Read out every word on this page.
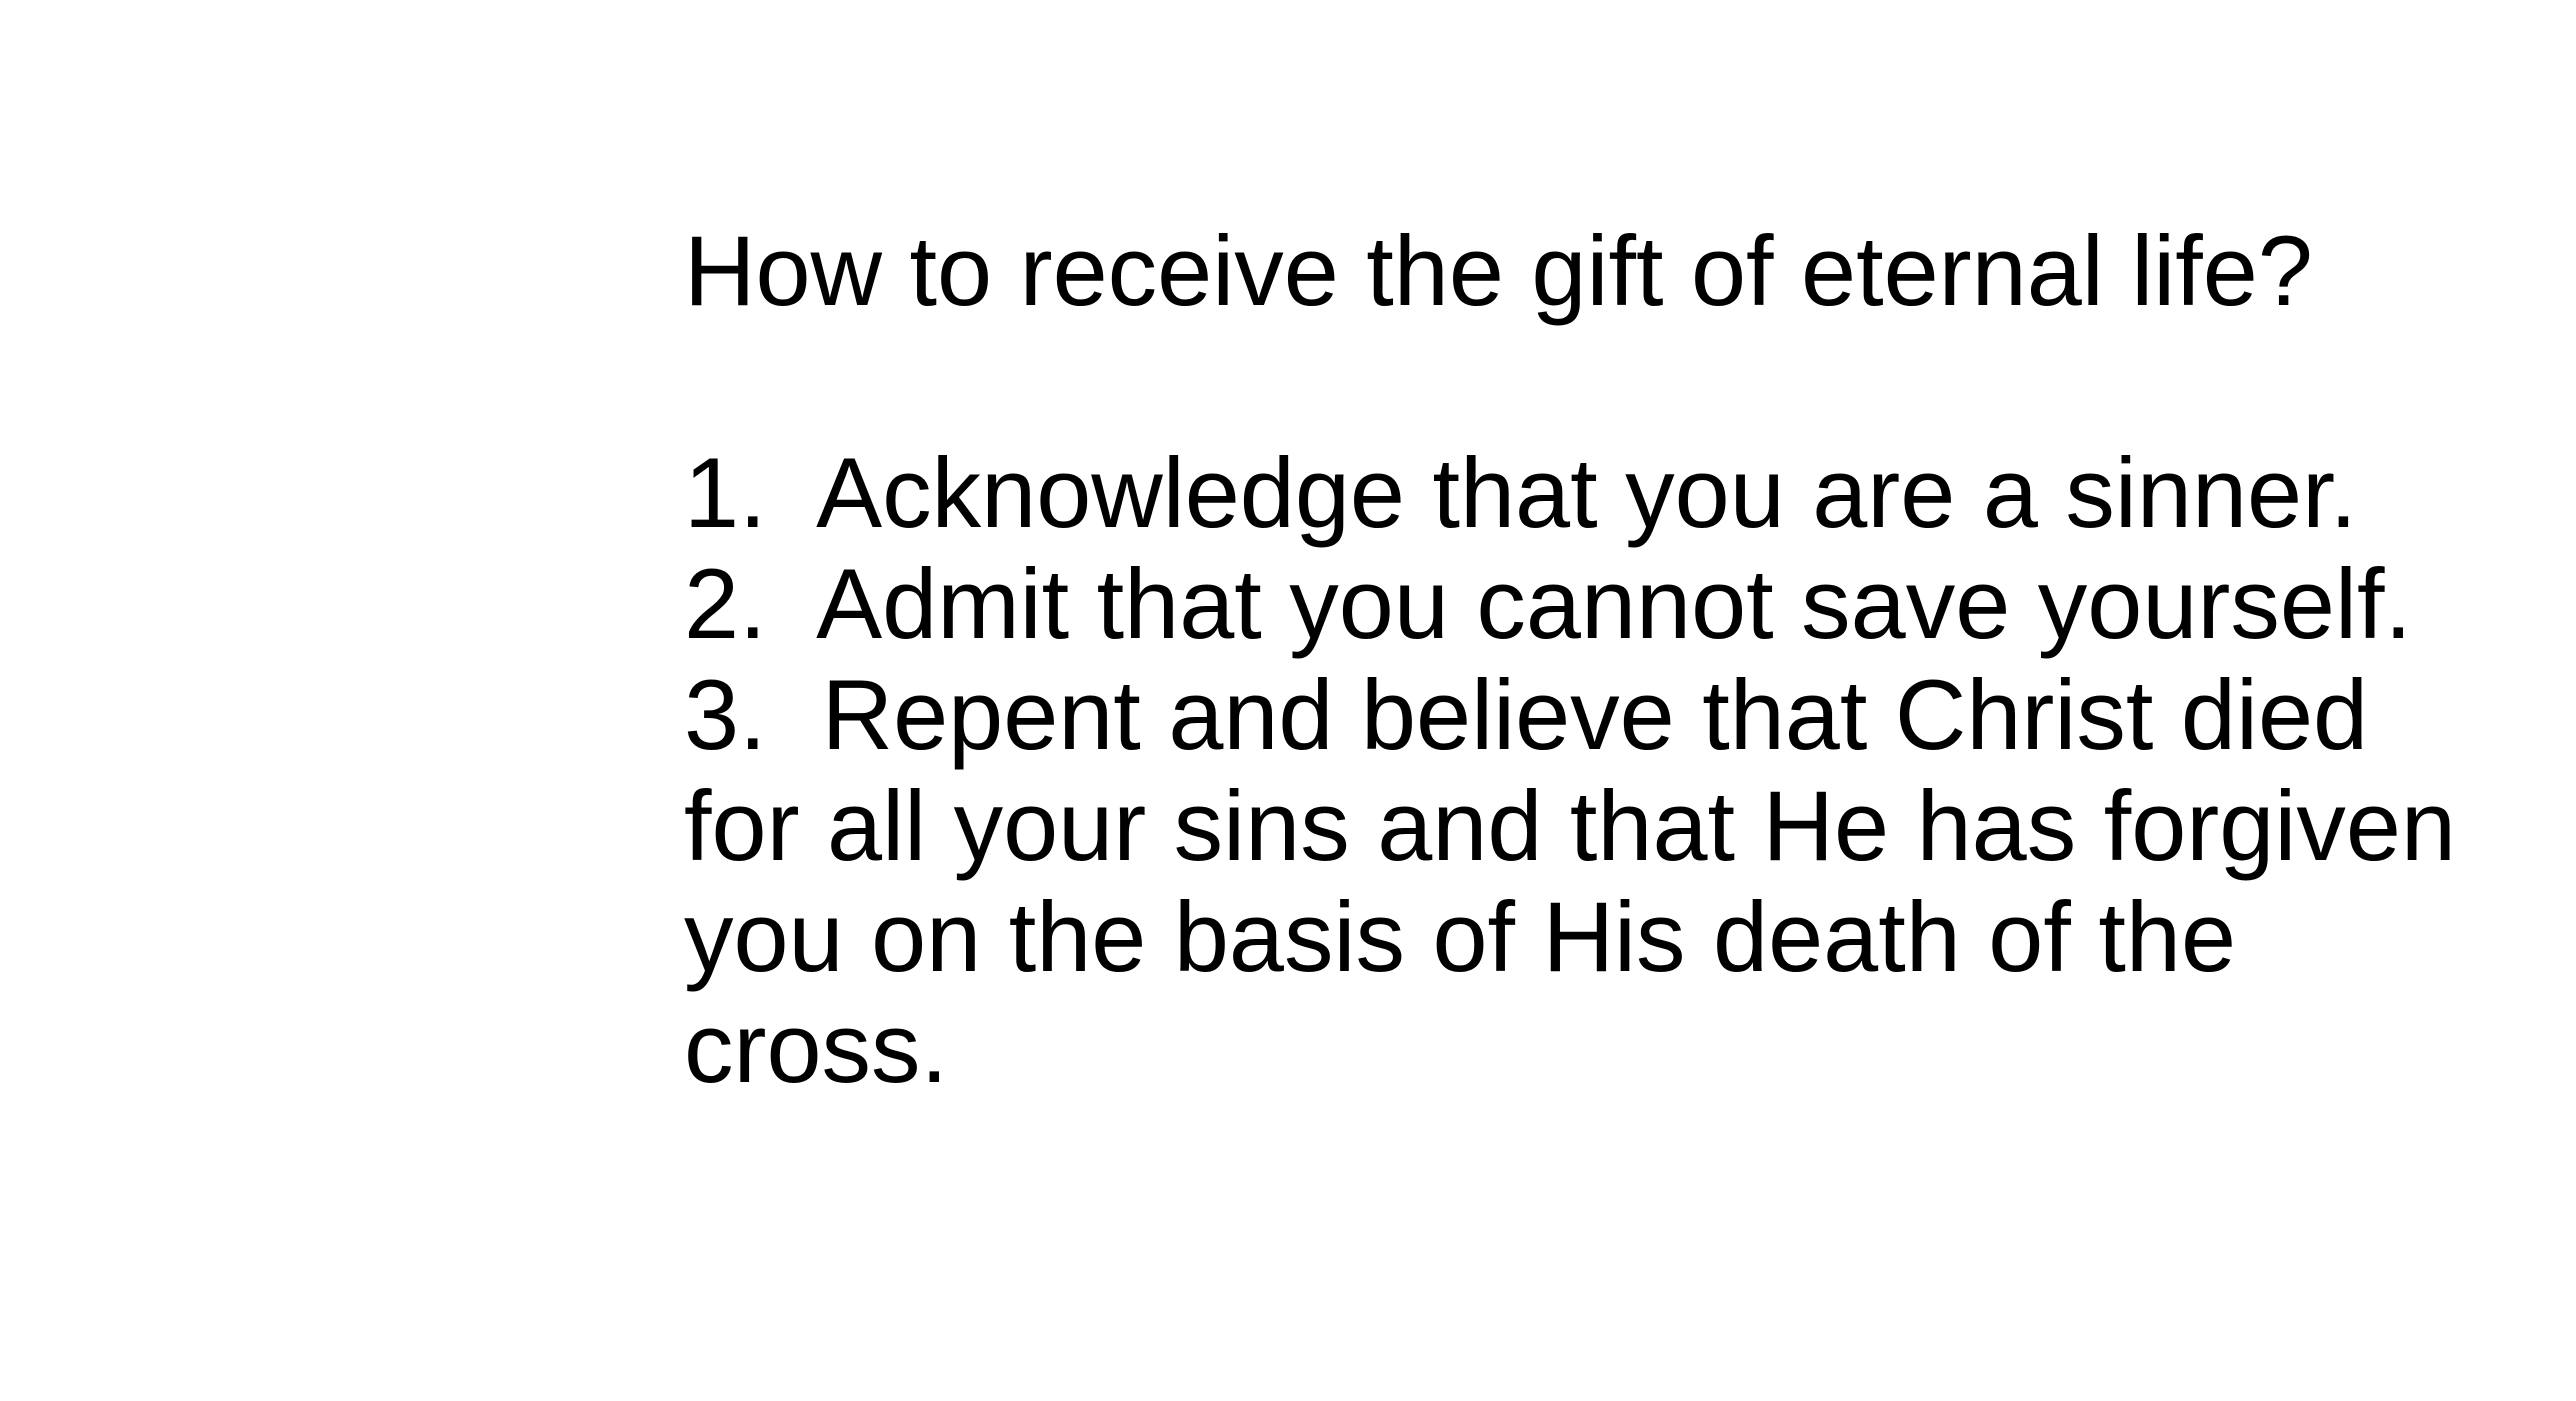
How to receive the gift of eternal life?
1.  Acknowledge that you are a sinner.
2.  Admit that you cannot save yourself.
3.  Repent and believe that Christ died
for all your sins and that He has forgiven
you on the basis of His death of the
cross.
